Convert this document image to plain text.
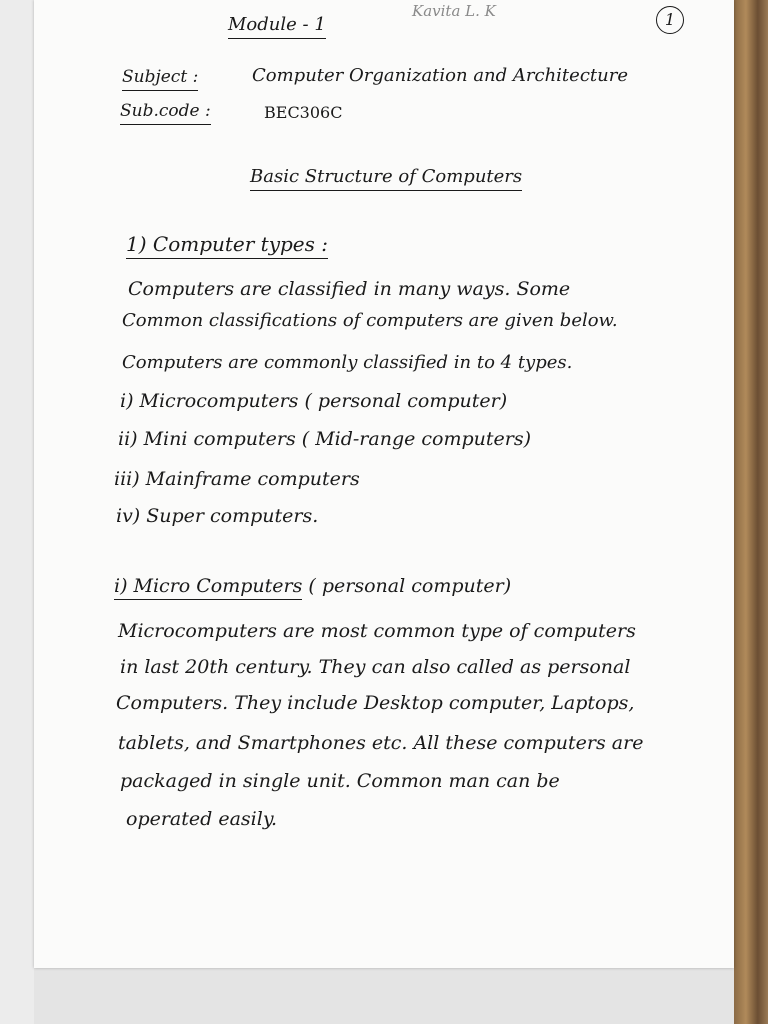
Kavita L. K	1
Module - 1
Subject :	Computer Organization and Architecture
Sub.code :	BEC306C
Basic Structure of Computers
1) Computer types :
Computers are classified in many ways. Some
Common classifications of computers are given below.
Computers are commonly classified in to 4 types.
i) Microcomputers ( personal computer)
ii) Mini computers ( Mid-range computers)
iii) Mainframe computers
iv) Super computers.
i) Micro Computers ( personal computer)
Microcomputers are most common type of computers
in last 20th century. They can also called as personal
Computers. They include Desktop computer, Laptops,
tablets, and Smartphones etc. All these computers are
packaged in single unit. Common man can be
operated easily.
